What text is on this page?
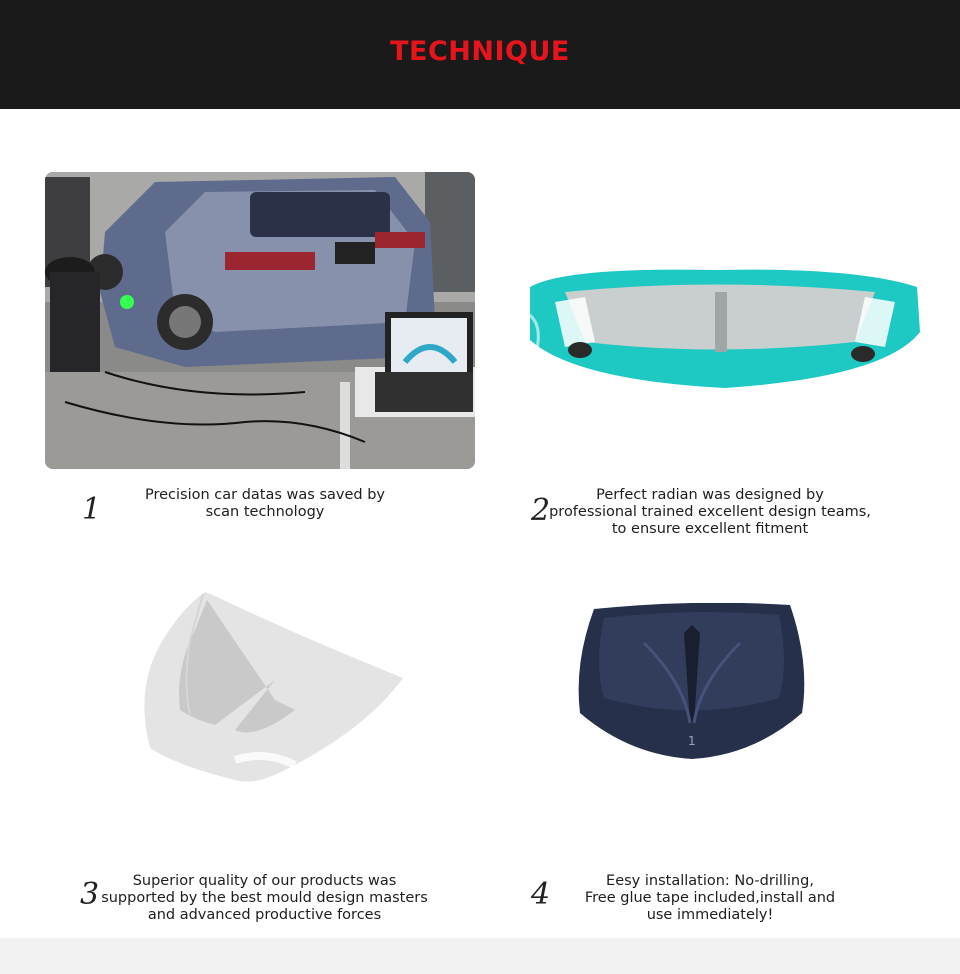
TECHNIQUE
1
1	Precision car datas was saved by
scan technology	2	Perfect radian was designed by
professional trained excellent design teams,
to ensure excellent fitment
3	Superior quality of our products was
supported by the best mould design masters
and advanced productive forces
4	Eesy installation: No-drilling,
Free glue tape included,install and
use immediately!
